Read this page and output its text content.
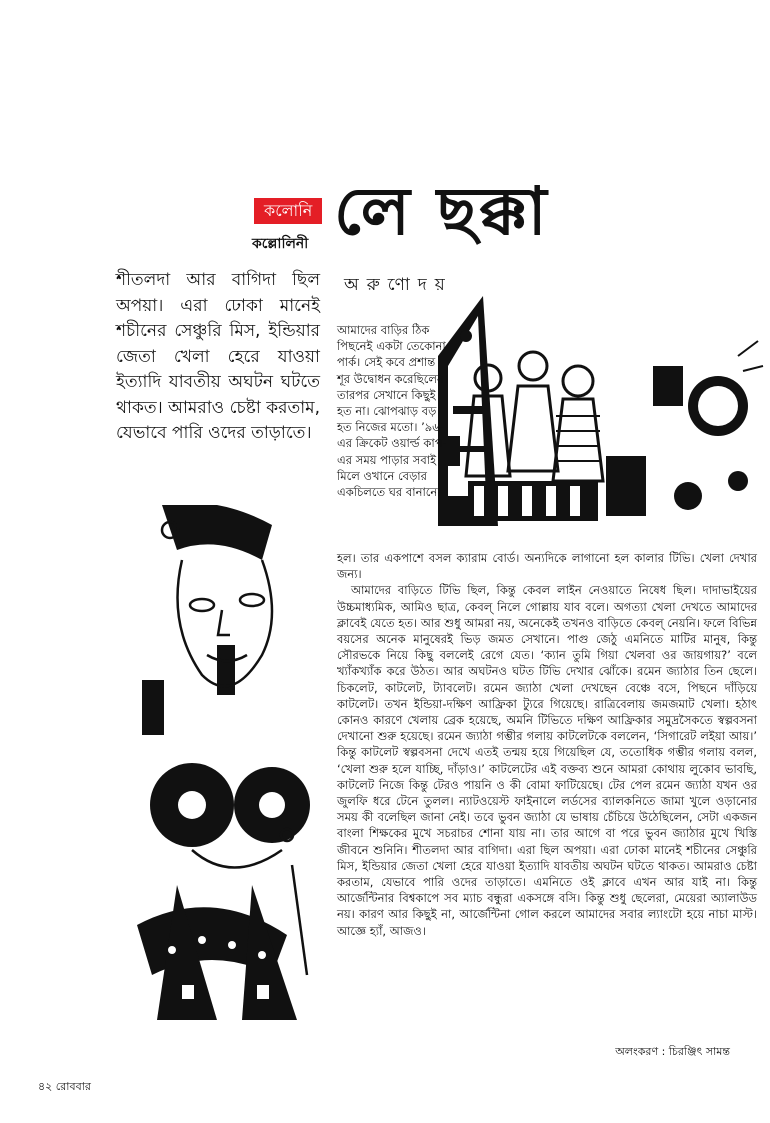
কলোনি
কল্লোলিনী লে ছক্কা
অরুণোদয়
শীতলদা আর বাগিদা ছিল অপয়া। এরা ঢোকা মানেই শচীনের সেঞ্চুরি মিস, ইন্ডিয়ার জেতা খেলা হেরে যাওয়া ইত্যাদি যাবতীয় অঘটন ঘটতে থাকত। আমরাও চেষ্টা করতাম, যেভাবে পারি ওদের তাড়াতে।
আমাদের বাড়ির ঠিক পিছনেই একটা তেকোনা পার্ক। সেই কবে প্রশান্ত শূর উদ্বোধন করেছিলেন। তারপর সেখানে কিছুই হত না। ঝোপঝাড় বড় হত নিজের মতো। ’৯৬-এর ক্রিকেট ওয়ার্ল্ড কাপ-এর সময় পাড়ার সবাই মিলে ওখানে বেড়ার একচিলতে ঘর বানানো

হল। তার একপাশে বসল ক্যারাম বোর্ড। অন্যদিকে লাগানো হল কালার টিভি। খেলা দেখার জন্য।

আমাদের বাড়িতে টিভি ছিল, কিন্তু কেবল লাইন নেওয়াতে নিষেধ ছিল। দাদাভাইয়ের উচ্চমাধ্যমিক, আমিও ছাত্র, কেবল্ নিলে গোল্লায় যাব বলে। অগত্যা খেলা দেখতে আমাদের ক্লাবেই যেতে হত। আর শুধু আমরা নয়, অনেকেই তখনও বাড়িতে কেবল্ নেয়নি। ফলে বিভিন্ন বয়সের অনেক মানুষেরই ভিড় জমত সেখানে। পাগু জেঠু এমনিতে মাটির মানুষ, কিন্তু সৌরভকে নিয়ে কিছু বললেই রেগে যেত। ‘ক্যান তুমি গিয়া খেলবা ওর জায়গায়?’ বলে খ্যাঁকখ্যাঁক করে উঠত। আর অঘটনও ঘটত টিভি দেখার ঝোঁকে। রমেন জ্যাঠার তিন ছেলে। চিকলেট, কাটলেট, ট্যাবলেট। রমেন জ্যাঠা খেলা দেখছেন বেঞ্চে বসে, পিছনে দাঁড়িয়ে কাটলেট। তখন ইন্ডিয়া-দক্ষিণ আফ্রিকা ট্যুরে গিয়েছে। রাত্রিবেলায় জমজমাট খেলা। হঠাৎ কোনও কারণে খেলায় ব্রেক হয়েছে, অমনি টিভিতে দক্ষিণ আফ্রিকার সমুদ্রসৈকতে স্বল্পবসনা দেখানো শুরু হয়েছে। রমেন জ্যাঠা গম্ভীর গলায় কাটলেটকে বললেন, ‘সিগারেট লইয়া আয়।’ কিন্তু কাটলেট স্বল্পবসনা দেখে এতই তন্ময় হয়ে গিয়েছিল যে, ততোধিক গম্ভীর গলায় বলল, ‘খেলা শুরু হলে যাচ্ছি, দাঁড়াও।’ কাটলেটের এই বক্তব্য শুনে আমরা কোথায় লুকোব ভাবছি, কাটলেট নিজে কিন্তু টেরও পায়নি ও কী বোমা ফাটিয়েছে। টের পেল রমেন জ্যাঠা যখন ওর জুলফি ধরে টেনে তুলল। ন্যাটওয়েস্ট ফাইনালে লর্ডসের ব্যালকনিতে জামা খুলে ওড়ানোর সময় কী বলেছিল জানা নেই। তবে ভুবন জ্যাঠা যে ভাষায় চেঁচিয়ে উঠেছিলেন, সেটা একজন বাংলা শিক্ষকের মুখে সচরাচর শোনা যায় না। তার আগে বা পরে ভুবন জ্যাঠার মুখে খিস্তি জীবনে শুনিনি। শীতলদা আর বাগিদা। এরা ছিল অপয়া। এরা ঢোকা মানেই শচীনের সেঞ্চুরি মিস, ইন্ডিয়ার জেতা খেলা হেরে যাওয়া ইত্যাদি যাবতীয় অঘটন ঘটতে থাকত। আমরাও চেষ্টা করতাম, যেভাবে পারি ওদের তাড়াতে। এমনিতে ওই ক্লাবে এখন আর যাই না। কিন্তু আর্জেন্টিনার বিশ্বকাপে সব ম্যাচ বন্ধুরা একসঙ্গে বসি। কিন্তু শুধু ছেলেরা, মেয়েরা অ্যালাউড নয়। কারণ আর কিছুই না, আর্জেন্টিনা গোল করলে আমাদের সবার ল্যাংটো হয়ে নাচা মাস্ট। আজ্ঞে হ্যাঁ, আজও।

অলংকরণ : চিরঞ্জিৎ সামন্ত
৪২ রোববার
